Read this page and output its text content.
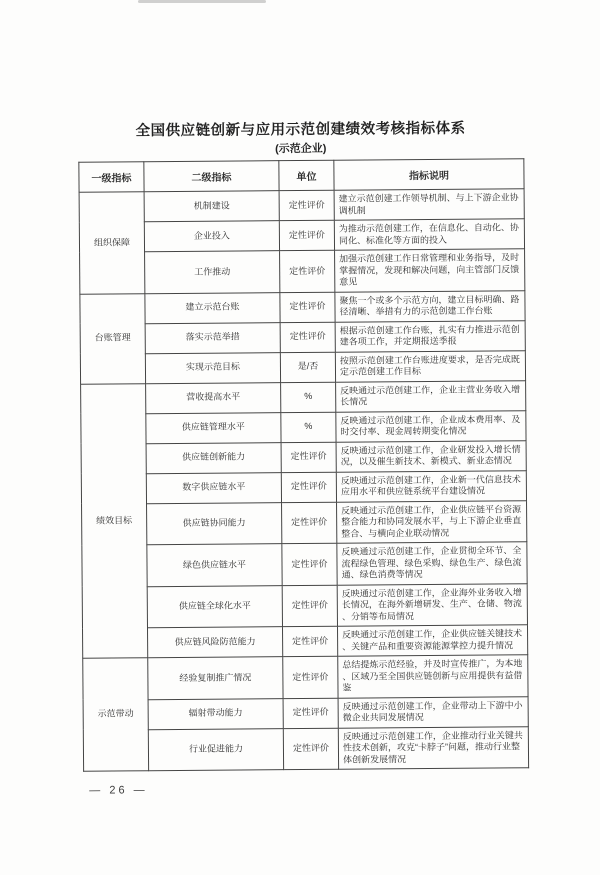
全国供应链创新与应用示范创建绩效考核指标体系
(示范企业)
一级指标	二级指标	单位	指标说明
组织保障	机制建设	定性评价	建立示范创建工作领导机制、与上下游企业协调机制
	企业投入	定性评价	为推动示范创建工作，在信息化、自动化、协同化、标准化等方面的投入
	工作推动	定性评价	加强示范创建工作日常管理和业务指导，及时掌握情况，发现和解决问题，向主管部门反馈意见
台账管理	建立示范台账	定性评价	聚焦一个或多个示范方向，建立目标明确、路径清晰、举措有力的示范创建工作台账
	落实示范举措	定性评价	根据示范创建工作台账，扎实有力推进示范创建各项工作，并定期报送季报
	实现示范目标	是/否	按照示范创建工作台账进度要求，是否完成既定示范创建工作目标
绩效目标	营收提高水平	%	反映通过示范创建工作，企业主营业务收入增长情况
	供应链管理水平	%	反映通过示范创建工作，企业成本费用率、及时交付率、现金周转期变化情况
	供应链创新能力	定性评价	反映通过示范创建工作，企业研发投入增长情况，以及催生新技术、新模式、新业态情况
	数字供应链水平	定性评价	反映通过示范创建工作，企业新一代信息技术应用水平和供应链系统平台建设情况
	供应链协同能力	定性评价	反映通过示范创建工作，企业供应链平台资源整合能力和协同发展水平，与上下游企业垂直整合、与横向企业联动情况
	绿色供应链水平	定性评价	反映通过示范创建工作，企业贯彻全环节、全流程绿色管理、绿色采购、绿色生产、绿色流通、绿色消费等情况
	供应链全球化水平	定性评价	反映通过示范创建工作，企业海外业务收入增长情况，在海外新增研发、生产、仓储、物流、分销等布局情况
	供应链风险防范能力	定性评价	反映通过示范创建工作，企业供应链关键技术、关键产品和重要资源能源掌控力提升情况
示范带动	经验复制推广情况	定性评价	总结提炼示范经验，并及时宣传推广，为本地、区域乃至全国供应链创新与应用提供有益借鉴
	辐射带动能力	定性评价	反映通过示范创建工作，企业带动上下游中小微企业共同发展情况
	行业促进能力	定性评价	反映通过示范创建工作，企业推动行业关键共性技术创新，攻克“卡脖子”问题，推动行业整体创新发展情况
— 26 —
